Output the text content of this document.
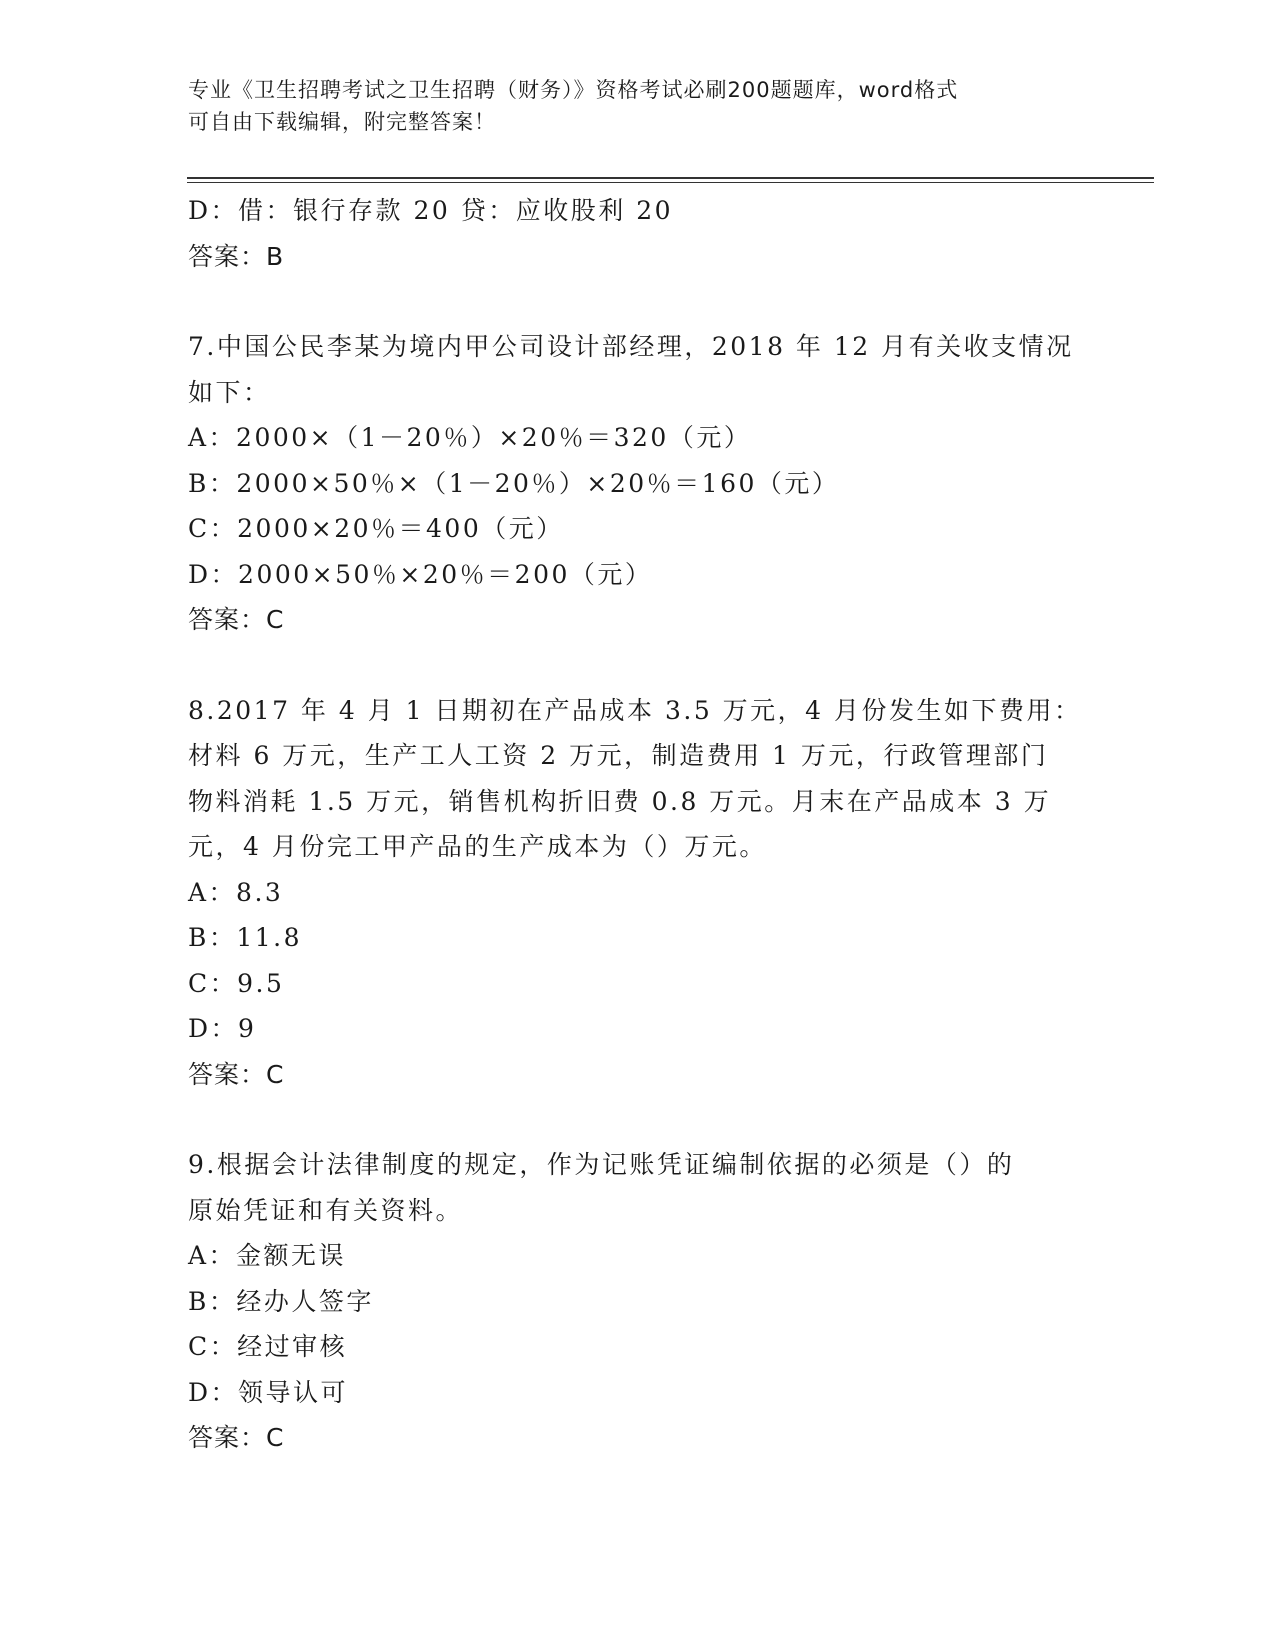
专业《卫生招聘考试之卫生招聘（财务）》资格考试必刷200题题库，word格式
可自由下载编辑，附完整答案！
D：借：银行存款 20 贷：应收股利 20
答案：B
7.中国公民李某为境内甲公司设计部经理，2018 年 12 月有关收支情况
如下：
A：2000×（1－20％）×20％＝320（元）
B：2000×50％×（1－20％）×20％＝160（元）
C：2000×20％＝400（元）
D：2000×50％×20％＝200（元）
答案：C
8.2017 年 4 月 1 日期初在产品成本 3.5 万元，4 月份发生如下费用：
材料 6 万元，生产工人工资 2 万元，制造费用 1 万元，行政管理部门
物料消耗 1.5 万元，销售机构折旧费 0.8 万元。月末在产品成本 3 万
元，4 月份完工甲产品的生产成本为（）万元。
A：8.3
B：11.8
C：9.5
D：9
答案：C
9.根据会计法律制度的规定，作为记账凭证编制依据的必须是（）的
原始凭证和有关资料。
A：金额无误
B：经办人签字
C：经过审核
D：领导认可
答案：C
